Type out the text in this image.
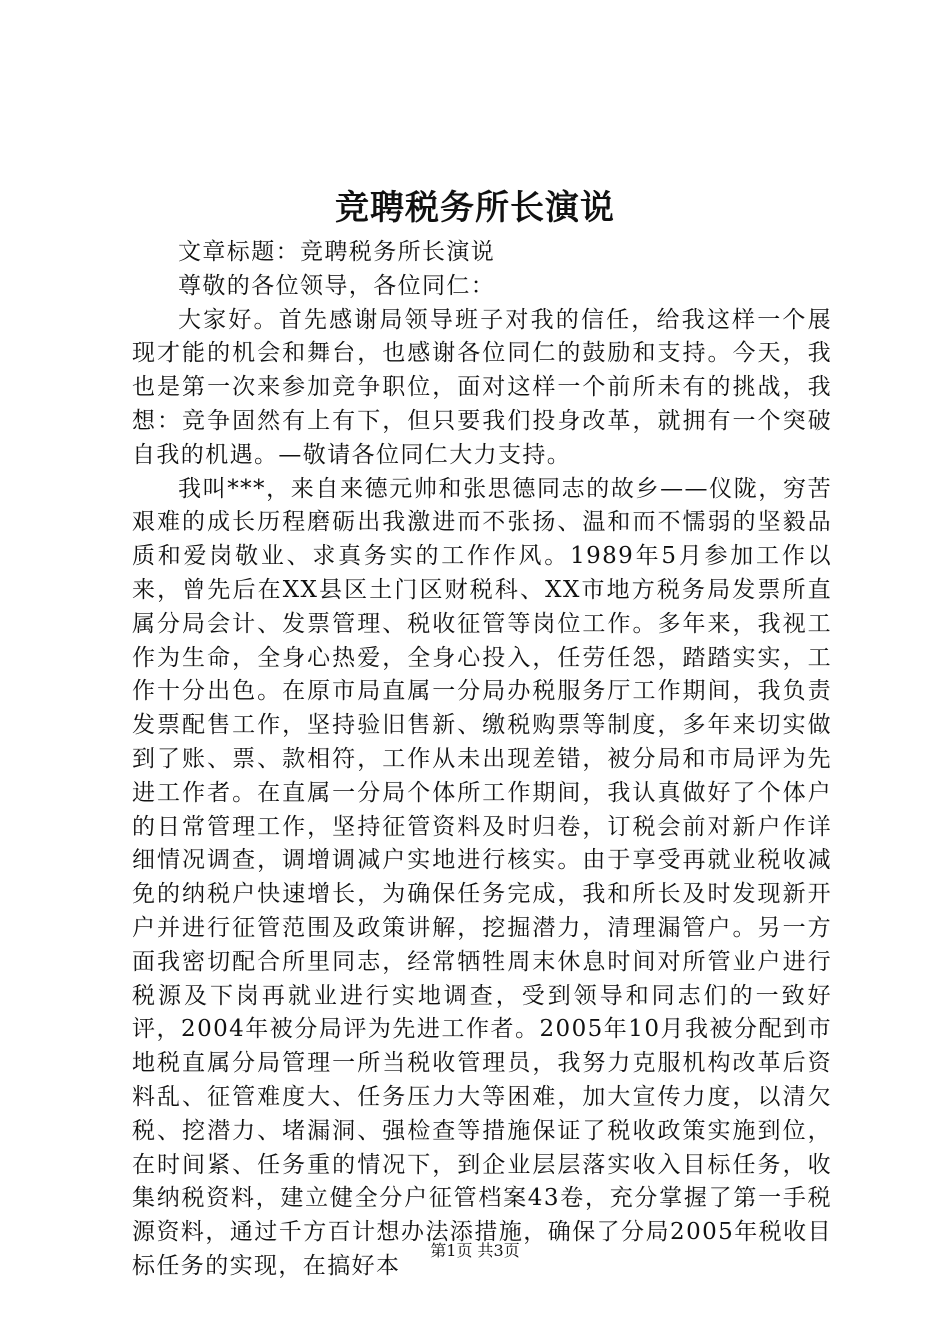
竞聘税务所长演说

文章标题：竞聘税务所长演说

尊敬的各位领导，各位同仁：

大家好。首先感谢局领导班子对我的信任，给我这样一个展现才能的机会和舞台，也感谢各位同仁的鼓励和支持。今天，我也是第一次来参加竞争职位，面对这样一个前所未有的挑战，我想：竞争固然有上有下，但只要我们投身改革，就拥有一个突破自我的机遇。—敬请各位同仁大力支持。

我叫***，来自来德元帅和张思德同志的故乡——仪陇，穷苦艰难的成长历程磨砺出我激进而不张扬、温和而不懦弱的坚毅品质和爱岗敬业、求真务实的工作作风。1989年5月参加工作以来，曾先后在XX县区土门区财税科、XX市地方税务局发票所直属分局会计、发票管理、税收征管等岗位工作。多年来，我视工作为生命，全身心热爱，全身心投入，任劳任怨，踏踏实实，工作十分出色。在原市局直属一分局办税服务厅工作期间，我负责发票配售工作，坚持验旧售新、缴税购票等制度，多年来切实做到了账、票、款相符，工作从未出现差错，被分局和市局评为先进工作者。在直属一分局个体所工作期间，我认真做好了个体户的日常管理工作，坚持征管资料及时归卷，订税会前对新户作详细情况调查，调增调减户实地进行核实。由于享受再就业税收减免的纳税户快速增长，为确保任务完成，我和所长及时发现新开户并进行征管范围及政策讲解，挖掘潜力，清理漏管户。另一方面我密切配合所里同志，经常牺牲周末休息时间对所管业户进行税源及下岗再就业进行实地调查，受到领导和同志们的一致好评，2004年被分局评为先进工作者。2005年10月我被分配到市地税直属分局管理一所当税收管理员，我努力克服机构改革后资料乱、征管难度大、任务压力大等困难，加大宣传力度，以清欠税、挖潜力、堵漏洞、强检查等措施保证了税收政策实施到位，在时间紧、任务重的情况下，到企业层层落实收入目标任务，收集纳税资料，建立健全分户征管档案43卷，充分掌握了第一手税源资料，通过千方百计想办法添措施，确保了分局2005年税收目标任务的实现，在搞好本

第1页 共3页
